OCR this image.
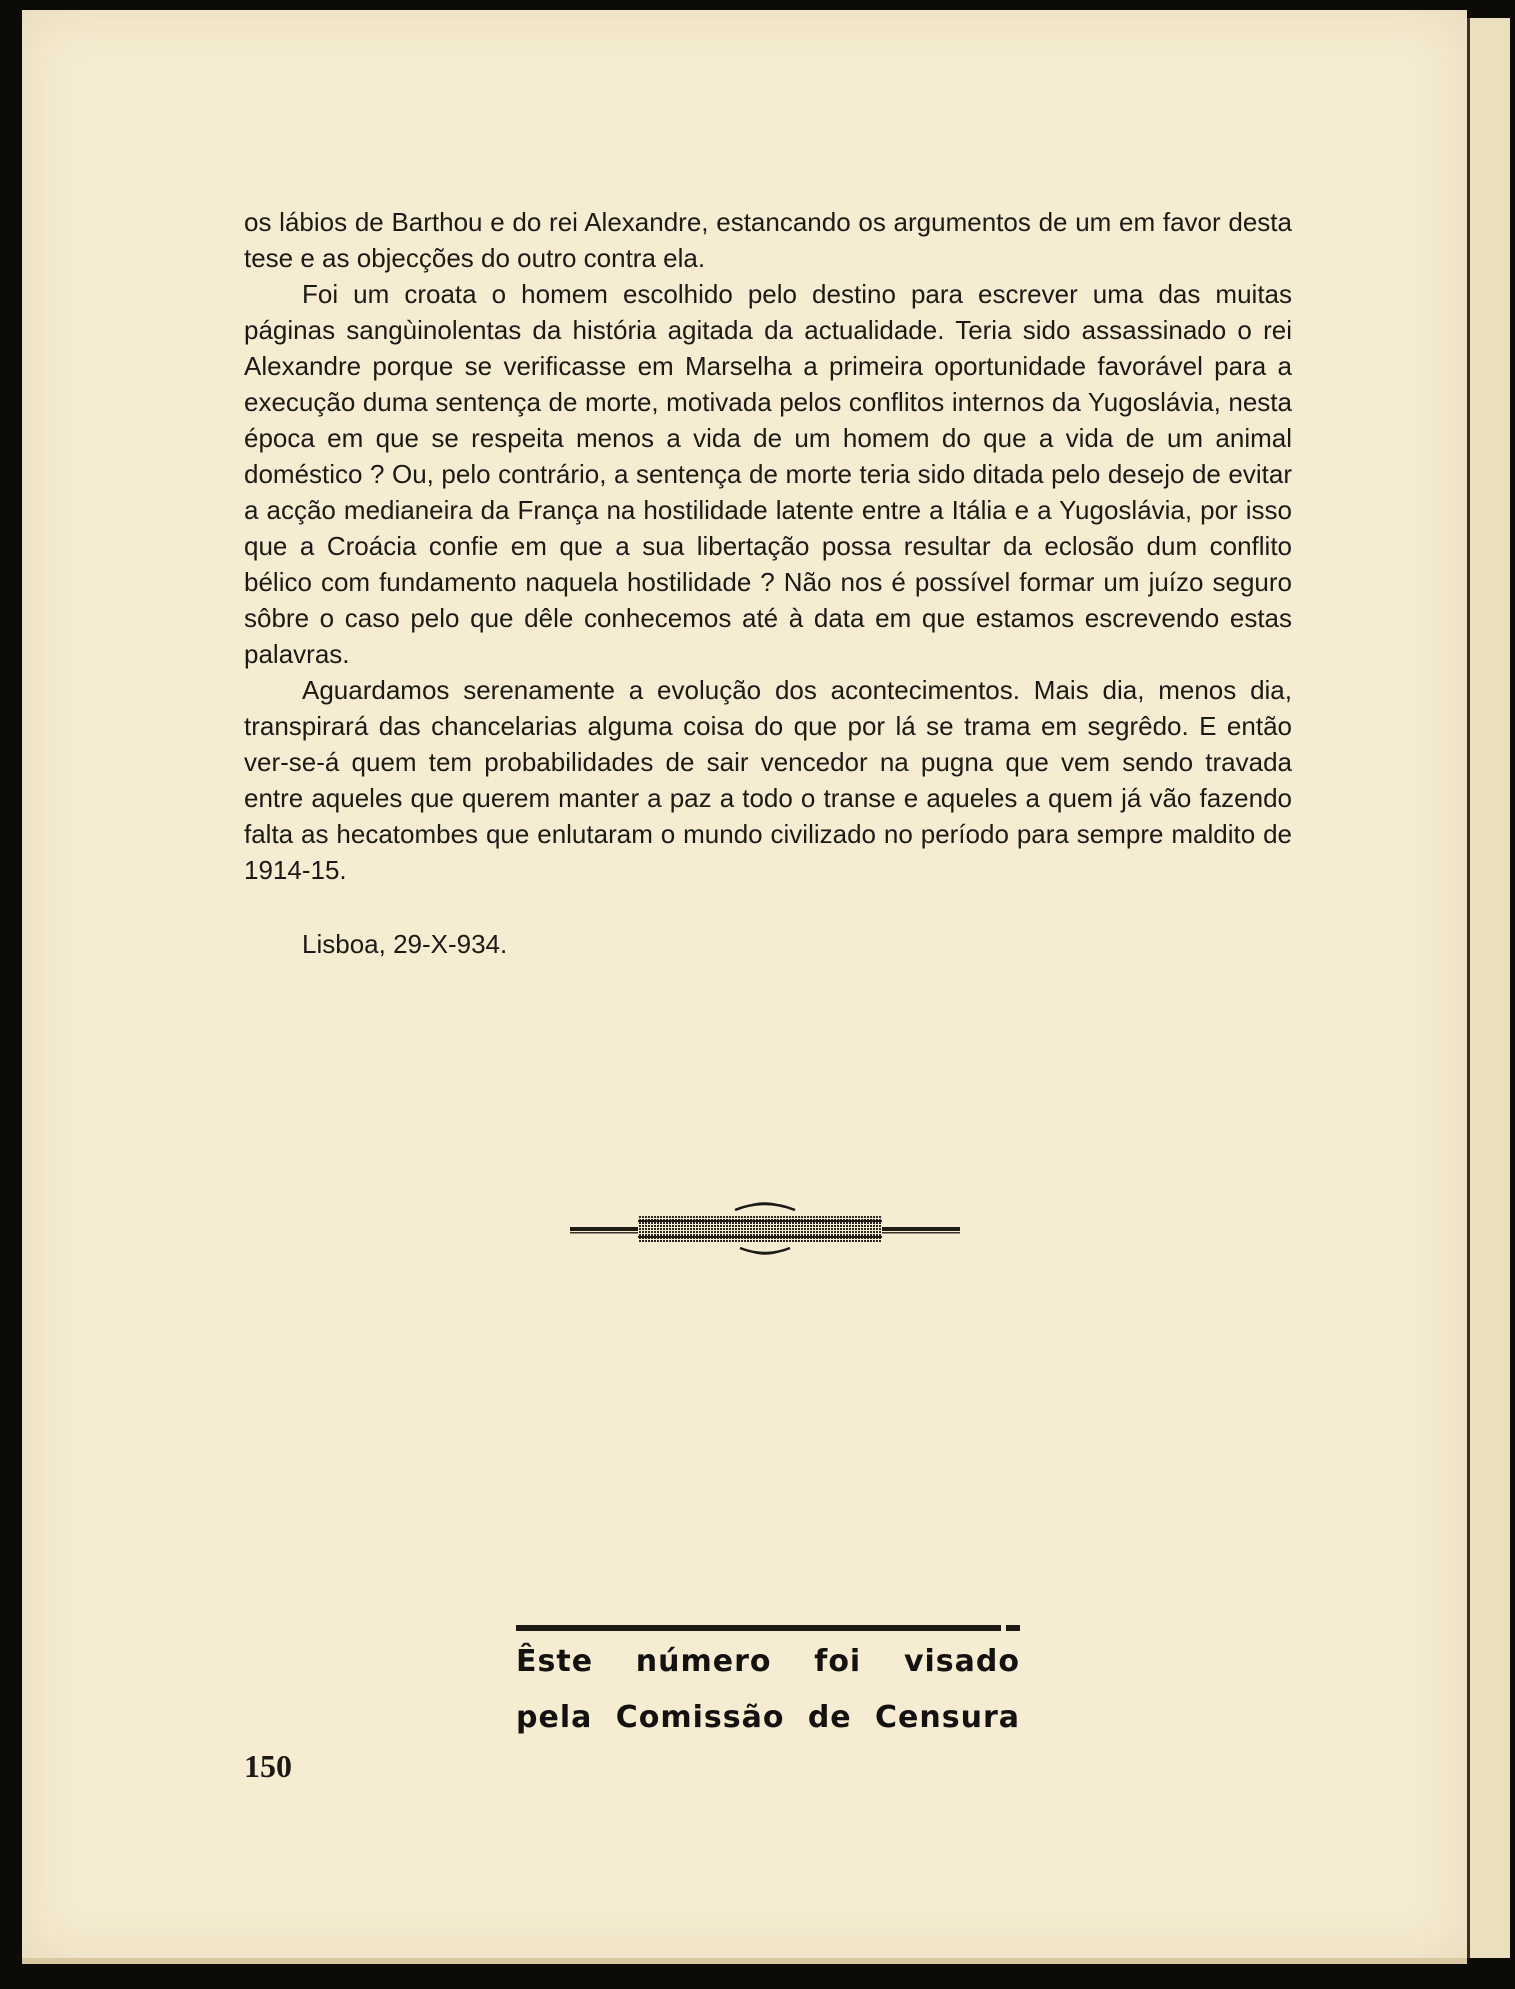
os lábios de Barthou e do rei Alexandre, estancando os argumentos de um em favor desta tese e as objecções do outro contra ela.

Foi um croata o homem escolhido pelo destino para escrever uma das muitas páginas sangùinolentas da história agitada da actualidade. Teria sido assassinado o rei Alexandre porque se verificasse em Marselha a primeira oportunidade favorável para a execução duma sentença de morte, motivada pelos conflitos internos da Yugoslávia, nesta época em que se respeita menos a vida de um homem do que a vida de um animal doméstico ? Ou, pelo contrário, a sentença de morte teria sido ditada pelo desejo de evitar a acção medianeira da França na hostilidade latente entre a Itália e a Yugoslávia, por isso que a Croácia confie em que a sua libertação possa resultar da eclosão dum conflito bélico com fundamento naquela hostilidade ? Não nos é possível formar um juízo seguro sôbre o caso pelo que dêle conhecemos até à data em que estamos escrevendo estas palavras.

Aguardamos serenamente a evolução dos acontecimentos. Mais dia, menos dia, transpirará das chancelarias alguma coisa do que por lá se trama em segrêdo. E então ver-se-á quem tem probabilidades de sair vencedor na pugna que vem sendo travada entre aqueles que querem manter a paz a todo o transe e aqueles a quem já vão fazendo falta as hecatombes que enlutaram o mundo civilizado no período para sempre maldito de 1914-15.

Lisboa, 29-X-934.

Êste número foi visado
pela Comissão de Censura
150
